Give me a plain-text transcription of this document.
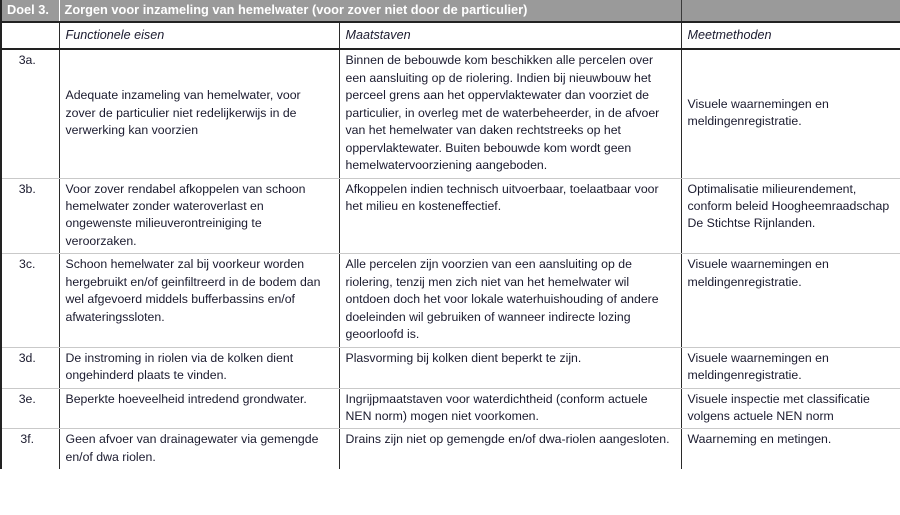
Doel 3.	Zorgen voor inzameling van hemelwater (voor zover niet door de particulier)		
	Functionele eisen	Maatstaven	Meetmethoden
3a.	Adequate inzameling van hemelwater, voor zover de particulier niet redelijkerwijs in de verwerking kan voorzien	Binnen de bebouwde kom beschikken alle percelen over een aansluiting op de riolering. Indien bij nieuwbouw het perceel grens aan het oppervlaktewater dan voorziet de particulier, in overleg met de waterbeheerder, in de afvoer van het hemelwater van daken rechtstreeks op het oppervlaktewater. Buiten bebouwde kom wordt geen hemelwatervoorziening aangeboden.	Visuele waarnemingen en meldingenregistratie.
3b.	Voor zover rendabel afkoppelen van schoon hemelwater zonder wateroverlast en ongewenste milieuverontreiniging te veroorzaken.	Afkoppelen indien technisch uitvoerbaar, toelaatbaar voor het milieu en kosteneffectief.	Optimalisatie milieurendement, conform beleid Hoogheemraadschap De Stichtse Rijnlanden.
3c.	Schoon hemelwater zal bij voorkeur worden hergebruikt en/of geinfiltreerd in de bodem dan wel afgevoerd middels bufferbassins en/of afwateringssloten.	Alle percelen zijn voorzien van een aansluiting op de riolering, tenzij men zich niet van het hemelwater wil ontdoen doch het voor lokale waterhuishouding of andere doeleinden wil gebruiken of wanneer indirecte lozing geoorloofd is.	Visuele waarnemingen en meldingenregistratie.
3d.	De instroming in riolen via de kolken dient ongehinderd plaats te vinden.	Plasvorming bij kolken dient beperkt te zijn.	Visuele waarnemingen en meldingenregistratie.
3e.	Beperkte hoeveelheid intredend grondwater.	Ingrijpmaatstaven voor waterdichtheid (conform actuele NEN norm) mogen niet voorkomen.	Visuele inspectie met classificatie volgens actuele NEN norm
3f.	Geen afvoer van drainagewater via gemengde en/of dwa riolen.	Drains zijn niet op gemengde en/of dwa-riolen aangesloten.	Waarneming en metingen.
